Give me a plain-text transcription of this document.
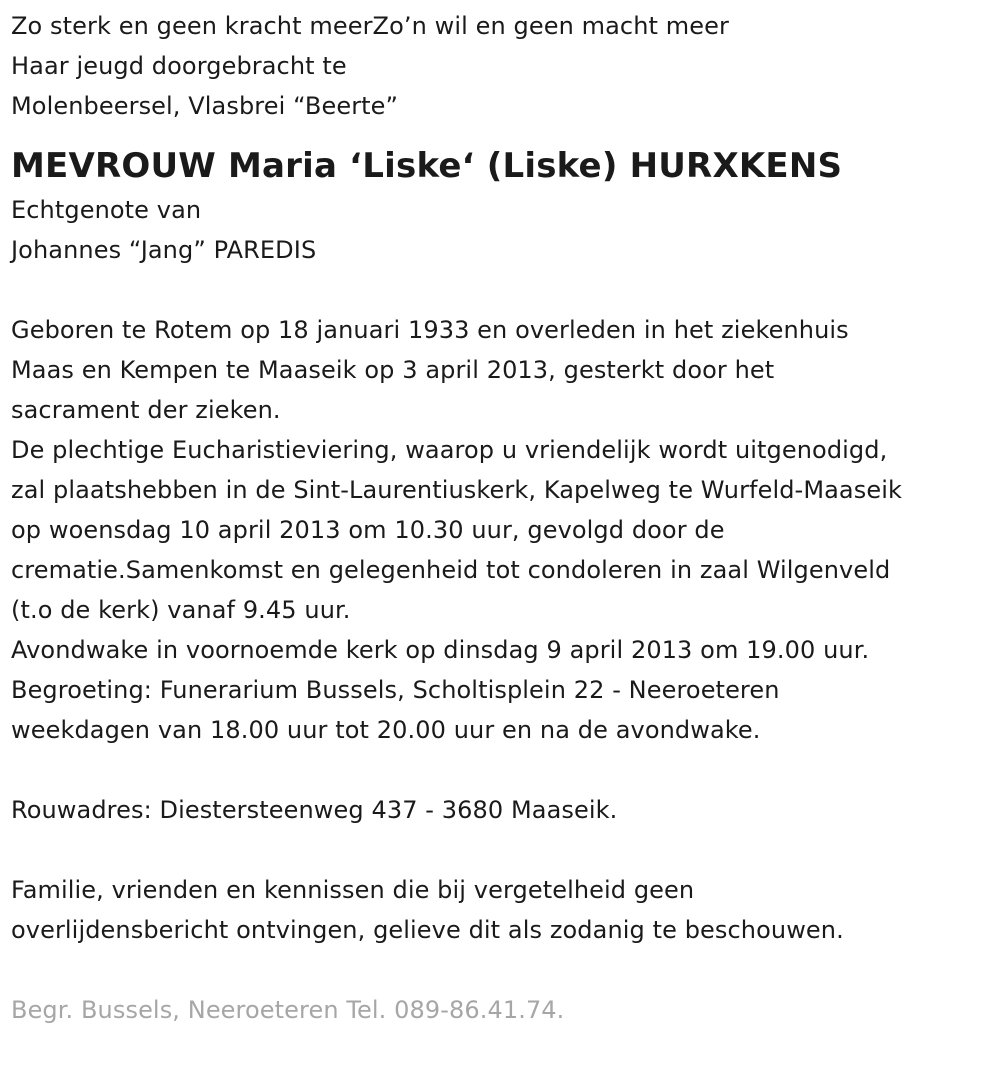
Zo sterk en geen kracht meerZo’n wil en geen macht meer
Haar jeugd doorgebracht te
Molenbeersel, Vlasbrei “Beerte”
MEVROUW Maria ‘Liske‘ (Liske) HURXKENS
Echtgenote van
Johannes “Jang” PAREDIS
Geboren te Rotem op 18 januari 1933 en overleden in het ziekenhuis
Maas en Kempen te Maaseik op 3 april 2013, gesterkt door het
sacrament der zieken.
De plechtige Eucharistieviering, waarop u vriendelijk wordt uitgenodigd,
zal plaatshebben in de Sint-Laurentiuskerk, Kapelweg te Wurfeld-Maaseik
op woensdag 10 april 2013 om 10.30 uur, gevolgd door de
crematie.Samenkomst en gelegenheid tot condoleren in zaal Wilgenveld
(t.o de kerk) vanaf 9.45 uur.
Avondwake in voornoemde kerk op dinsdag 9 april 2013 om 19.00 uur.
Begroeting: Funerarium Bussels, Scholtisplein 22 - Neeroeteren
weekdagen van 18.00 uur tot 20.00 uur en na de avondwake.
Rouwadres: Diestersteenweg 437 - 3680 Maaseik.
Familie, vrienden en kennissen die bij vergetelheid geen
overlijdensbericht ontvingen, gelieve dit als zodanig te beschouwen.
Begr. Bussels, Neeroeteren Tel. 089-86.41.74.
